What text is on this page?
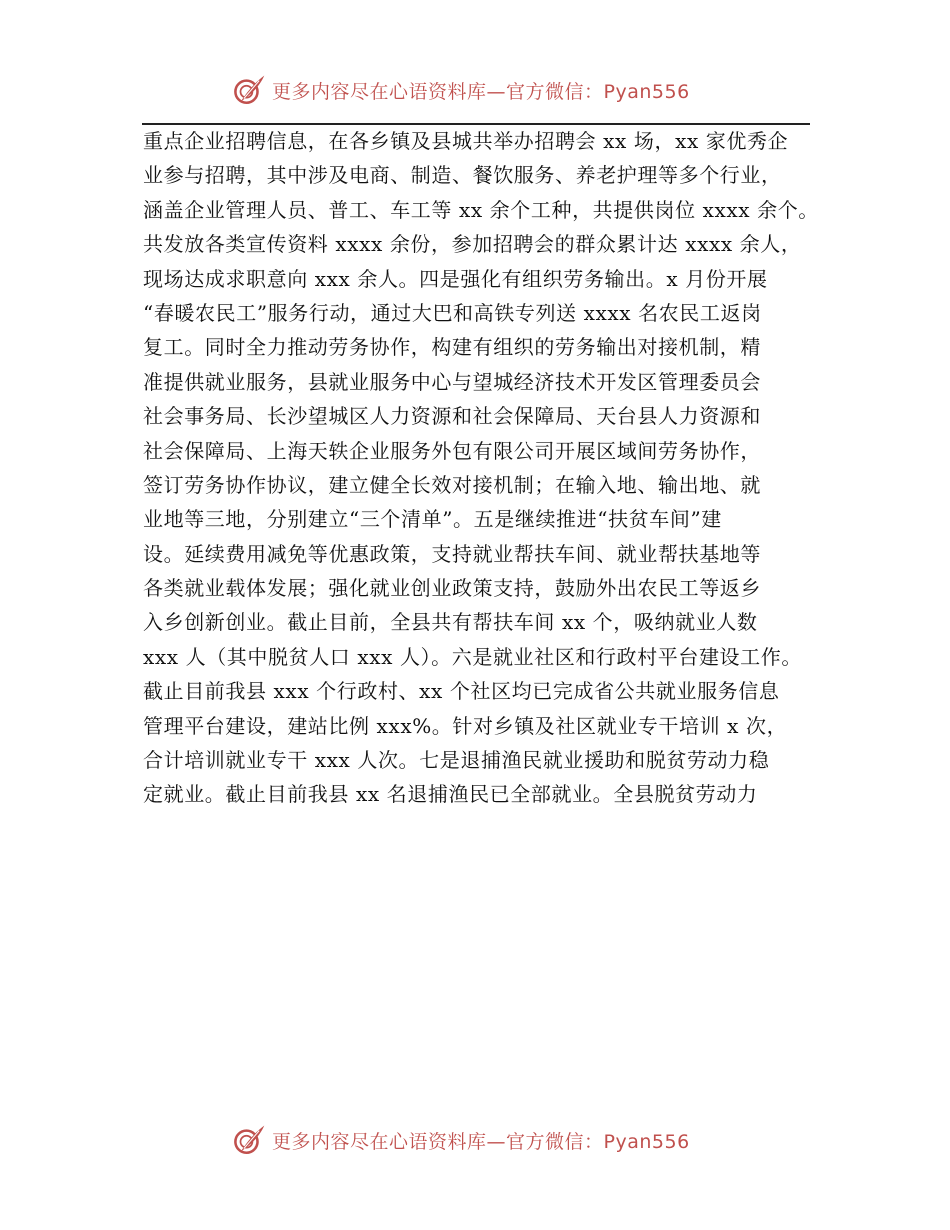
更多内容尽在心语资料库—官方微信：Pyan556
重点企业招聘信息，在各乡镇及县城共举办招聘会 xx 场，xx 家优秀企
业参与招聘，其中涉及电商、制造、餐饮服务、养老护理等多个行业，
涵盖企业管理人员、普工、车工等 xx 余个工种，共提供岗位 xxxx 余个。
共发放各类宣传资料 xxxx 余份，参加招聘会的群众累计达 xxxx 余人，
现场达成求职意向 xxx 余人。四是强化有组织劳务输出。x 月份开展
“春暖农民工”服务行动，通过大巴和高铁专列送 xxxx 名农民工返岗
复工。同时全力推动劳务协作，构建有组织的劳务输出对接机制，精
准提供就业服务，县就业服务中心与望城经济技术开发区管理委员会
社会事务局、长沙望城区人力资源和社会保障局、天台县人力资源和
社会保障局、上海天轶企业服务外包有限公司开展区域间劳务协作，
签订劳务协作协议，建立健全长效对接机制；在输入地、输出地、就
业地等三地，分别建立“三个清单”。五是继续推进“扶贫车间”建
设。延续费用减免等优惠政策，支持就业帮扶车间、就业帮扶基地等
各类就业载体发展；强化就业创业政策支持，鼓励外出农民工等返乡
入乡创新创业。截止目前，全县共有帮扶车间 xx 个，吸纳就业人数
xxx 人（其中脱贫人口 xxx 人）。六是就业社区和行政村平台建设工作。
截止目前我县 xxx 个行政村、xx 个社区均已完成省公共就业服务信息
管理平台建设，建站比例 xxx%。针对乡镇及社区就业专干培训 x 次，
合计培训就业专干 xxx 人次。七是退捕渔民就业援助和脱贫劳动力稳
定就业。截止目前我县 xx 名退捕渔民已全部就业。全县脱贫劳动力
更多内容尽在心语资料库—官方微信：Pyan556
